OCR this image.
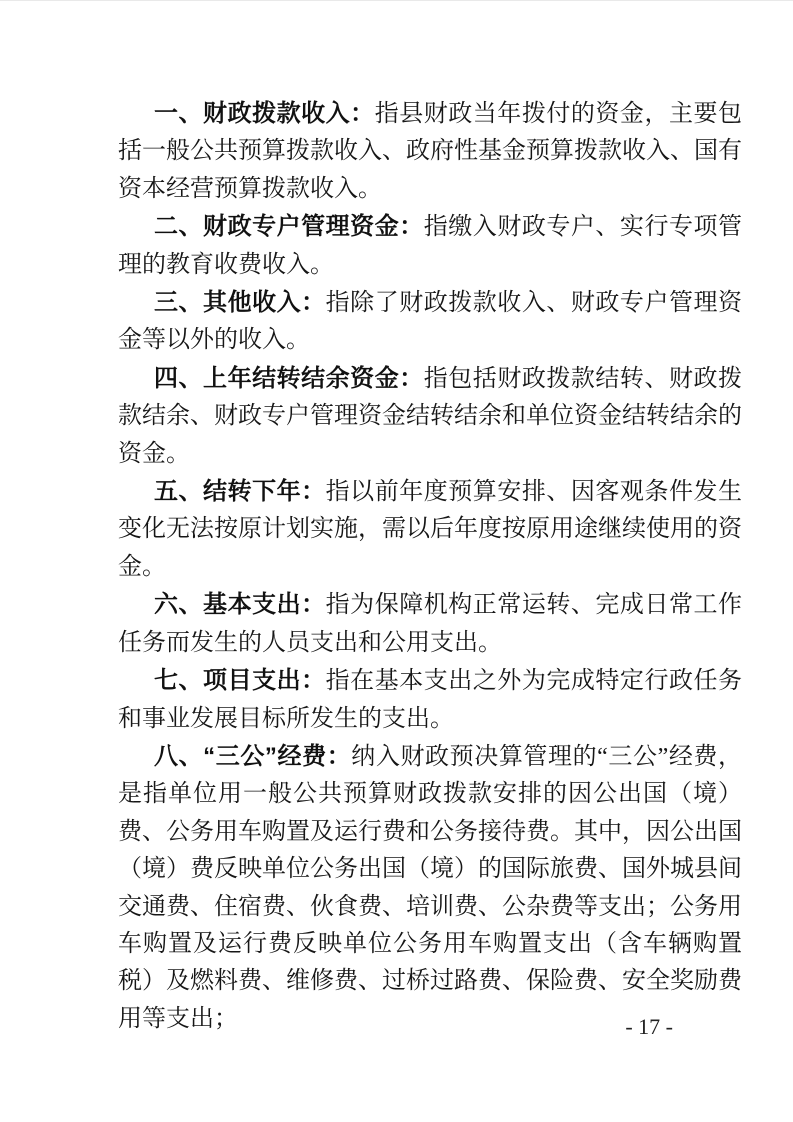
一、财政拨款收入：指县财政当年拨付的资金，主要包括一般公共预算拨款收入、政府性基金预算拨款收入、国有资本经营预算拨款收入。

二、财政专户管理资金：指缴入财政专户、实行专项管理的教育收费收入。

三、其他收入：指除了财政拨款收入、财政专户管理资金等以外的收入。

四、上年结转结余资金：指包括财政拨款结转、财政拨款结余、财政专户管理资金结转结余和单位资金结转结余的资金。

五、结转下年：指以前年度预算安排、因客观条件发生变化无法按原计划实施，需以后年度按原用途继续使用的资金。

六、基本支出：指为保障机构正常运转、完成日常工作任务而发生的人员支出和公用支出。

七、项目支出：指在基本支出之外为完成特定行政任务和事业发展目标所发生的支出。

八、“三公”经费：纳入财政预决算管理的“三公”经费，是指单位用一般公共预算财政拨款安排的因公出国（境）费、公务用车购置及运行费和公务接待费。其中，因公出国（境）费反映单位公务出国（境）的国际旅费、国外城县间交通费、住宿费、伙食费、培训费、公杂费等支出；公务用车购置及运行费反映单位公务用车购置支出（含车辆购置税）及燃料费、维修费、过桥过路费、保险费、安全奖励费用等支出；	- 17 -
